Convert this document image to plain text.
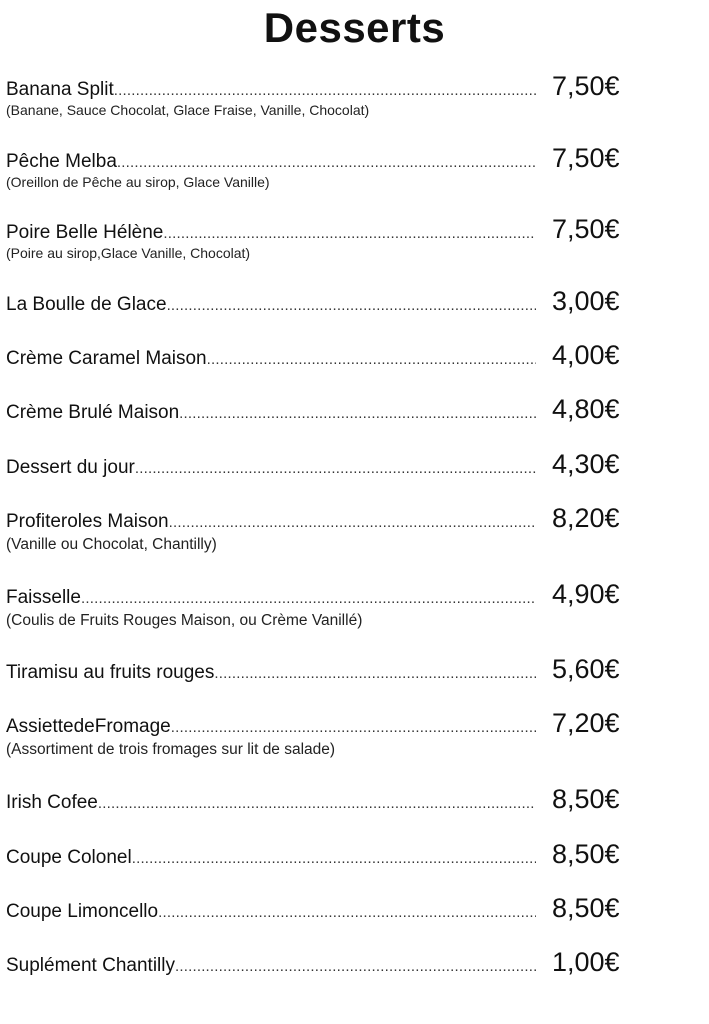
Desserts
Banana Split .....	7,50€
(Banane, Sauce Chocolat, Glace Fraise, Vanille, Chocolat)
Pêche Melba .....	7,50€
(Oreillon de Pêche au sirop, Glace Vanille)
Poire Belle Hélène .....	7,50€
(Poire au sirop,Glace Vanille, Chocolat)
La Boulle de Glace .....	3,00€
Crème Caramel Maison .....	4,00€
Crème Brulé Maison .....	4,80€
Dessert du jour .....	4,30€
Profiteroles Maison .....	8,20€
(Vanille ou Chocolat, Chantilly)
Faisselle .....	4,90€
(Coulis de Fruits Rouges Maison, ou Crème Vanillé)
Tiramisu au fruits rouges .....	5,60€
AssiettedeFromage .....	7,20€
(Assortiment de trois fromages sur lit de salade)
Irish Cofee .....	8,50€
Coupe Colonel .....	8,50€
Coupe Limoncello .....	8,50€
Suplément Chantilly .....	1,00€
